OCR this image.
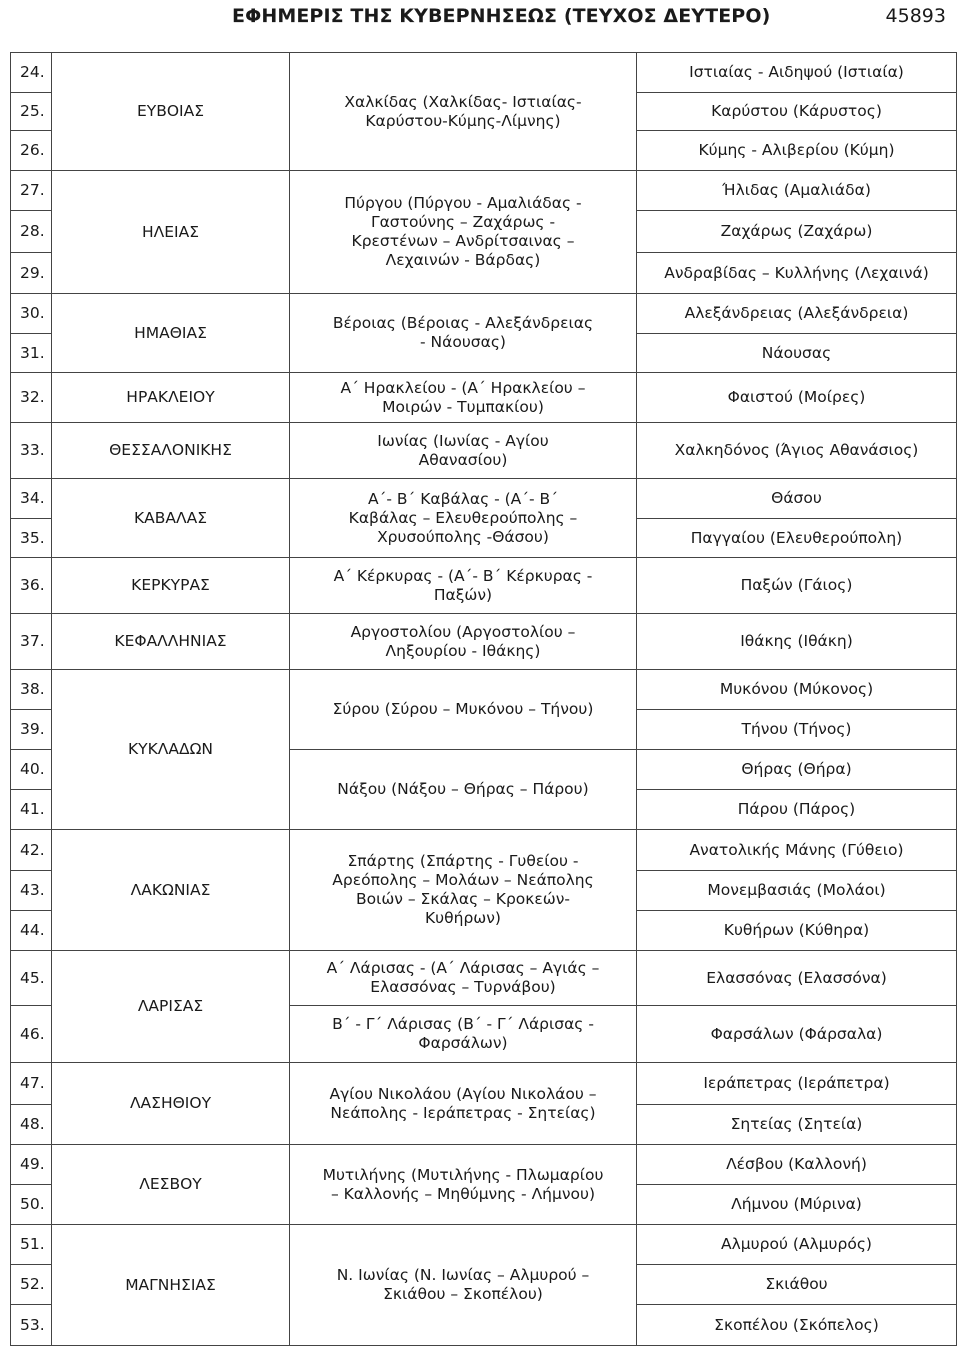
ΕΦΗΜΕΡΙΣ ΤΗΣ ΚΥΒΕΡΝΗΣΕΩΣ (ΤΕΥΧΟΣ ΔΕΥΤΕΡΟ)	45893
24.	ΕΥΒΟΙΑΣ	Χαλκίδας (Χαλκίδας- Ιστιαίας-
Καρύστου-Κύμης-Λίμνης)	Ιστιαίας - Αιδηψού (Ιστιαία)
25.			Καρύστου (Κάρυστος)
26.			Κύμης - Αλιβερίου (Κύμη)
27.	ΗΛΕΙΑΣ	Πύργου (Πύργου - Αμαλιάδας -
Γαστούνης – Ζαχάρως -
Κρεστένων – Ανδρίτσαινας –
Λεχαινών - Βάρδας)	Ήλιδας (Αμαλιάδα)
28.			Ζαχάρως (Ζαχάρω)
29.			Ανδραβίδας – Κυλλήνης (Λεχαινά)
30.	ΗΜΑΘΙΑΣ	Βέροιας (Βέροιας - Αλεξάνδρειας
- Νάουσας)	Αλεξάνδρειας (Αλεξάνδρεια)
31.			Νάουσας
32.	ΗΡΑΚΛΕΙΟΥ	Α΄ Ηρακλείου - (Α΄ Ηρακλείου –
Μοιρών - Τυμπακίου)	Φαιστού (Μοίρες)
33.	ΘΕΣΣΑΛΟΝΙΚΗΣ	Ιωνίας (Ιωνίας - Αγίου
Αθανασίου)	Χαλκηδόνος (Άγιος Αθανάσιος)
34.	ΚΑΒΑΛΑΣ	Α΄- Β΄ Καβάλας - (Α΄- Β΄
Καβάλας – Ελευθερούπολης –
Χρυσούπολης -Θάσου)	Θάσου
35.			Παγγαίου (Ελευθερούπολη)
36.	ΚΕΡΚΥΡΑΣ	Α΄ Κέρκυρας - (Α΄- Β΄ Κέρκυρας -
Παξών)	Παξών (Γάιος)
37.	ΚΕΦΑΛΛΗΝΙΑΣ	Αργοστολίου (Αργοστολίου –
Ληξουρίου - Ιθάκης)	Ιθάκης (Ιθάκη)
38.	ΚΥΚΛΑΔΩΝ	Σύρου (Σύρου – Μυκόνου – Τήνου)	Μυκόνου (Μύκονος)
39.			Τήνου (Τήνος)
40.		Νάξου (Νάξου – Θήρας – Πάρου)	Θήρας (Θήρα)
41.			Πάρου (Πάρος)
42.	ΛΑΚΩΝΙΑΣ	Σπάρτης (Σπάρτης - Γυθείου -
Αρεόπολης – Μολάων – Νεάπολης
Βοιών – Σκάλας – Κροκεών-
Κυθήρων)	Ανατολικής Μάνης (Γύθειο)
43.			Μονεμβασιάς (Μολάοι)
44.			Κυθήρων (Κύθηρα)
45.	ΛΑΡΙΣΑΣ	Α΄ Λάρισας - (Α΄ Λάρισας – Αγιάς –
Ελασσόνας – Τυρνάβου)	Ελασσόνας (Ελασσόνα)
46.		Β΄ - Γ΄ Λάρισας (Β΄ - Γ΄ Λάρισας -
Φαρσάλων)	Φαρσάλων (Φάρσαλα)
47.	ΛΑΣΗΘΙΟΥ	Αγίου Νικολάου (Αγίου Νικολάου –
Νεάπολης - Ιεράπετρας - Σητείας)	Ιεράπετρας (Ιεράπετρα)
48.			Σητείας (Σητεία)
49.	ΛΕΣΒΟΥ	Μυτιλήνης (Μυτιλήνης - Πλωμαρίου
– Καλλονής – Μηθύμνης - Λήμνου)	Λέσβου (Καλλονή)
50.			Λήμνου (Μύρινα)
51.	ΜΑΓΝΗΣΙΑΣ	Ν. Ιωνίας (Ν. Ιωνίας – Αλμυρού –
Σκιάθου – Σκοπέλου)	Αλμυρού (Αλμυρός)
52.			Σκιάθου
53.			Σκοπέλου (Σκόπελος)
